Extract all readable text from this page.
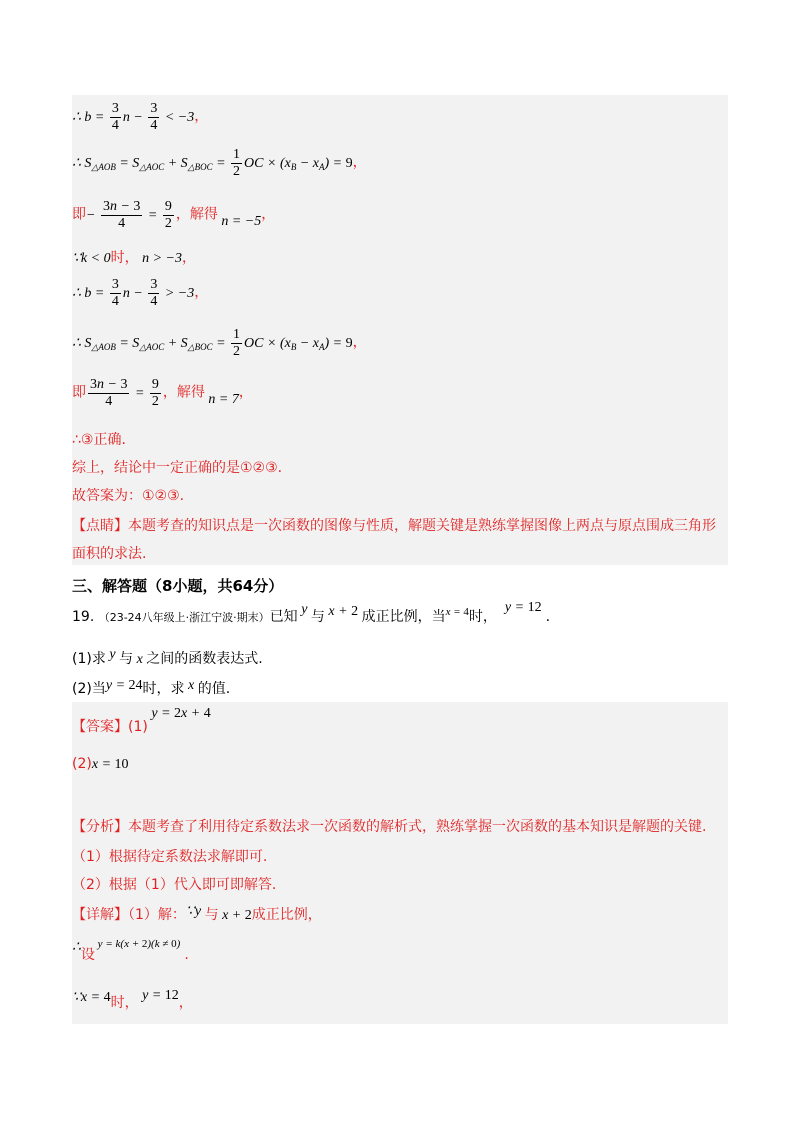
∴ $b = \frac{3}{4}$ $n - \frac{3}{4} < -3$，
∴ $S_{\triangle AOB} = S_{\triangle AOC} + S_{\triangle BOC} = \frac{1}{2}$ OC × $(x_B - x_A) = 9$，
即− $\frac{3n - 3}{4} = \frac{9}{2}$ ，解得 n = −5，
∵k < 0时， n > −3，
∴ $b = \frac{3}{4}$ $n - \frac{3}{4} > -3$，
∴ $S_{\triangle AOB} = S_{\triangle AOC} + S_{\triangle BOC} = \frac{1}{2}$ OC × $(x_B - x_A) = 9$，
即 $\frac{3n - 3}{4} = \frac{9}{2}$ ，解得 n = 7，
∴③正确.
综上，结论中一定正确的是①②③.
故答案为：①②③.
【点睛】本题考查的知识点是一次函数的图像与性质，解题关键是熟练掌握图像上两点与原点围成三角形
面积的求法.
三、解答题（8小题，共64分）
19. （23-24八年级上·浙江宁波·期末）已知 y 与 x + 2 成正比例，当$^{x = 4}$时，y = 12.
(1)求 y 与 x 之间的函数表达式.
(2)当y = 24时，求 x 的值.
【答案】(1) y = 2x + 4
(2)x = 10
【分析】本题考查了利用待定系数法求一次函数的解析式，熟练掌握一次函数的基本知识是解题的关键.
（1）根据待定系数法求解即可.
（2）根据（1）代入即可即解答.
【详解】（1）解：∵y 与 x + 2成正比例，
∴设 $^{y = k(x + 2)(k \ne 0)}$.
∵x = 4时， y = 12，
